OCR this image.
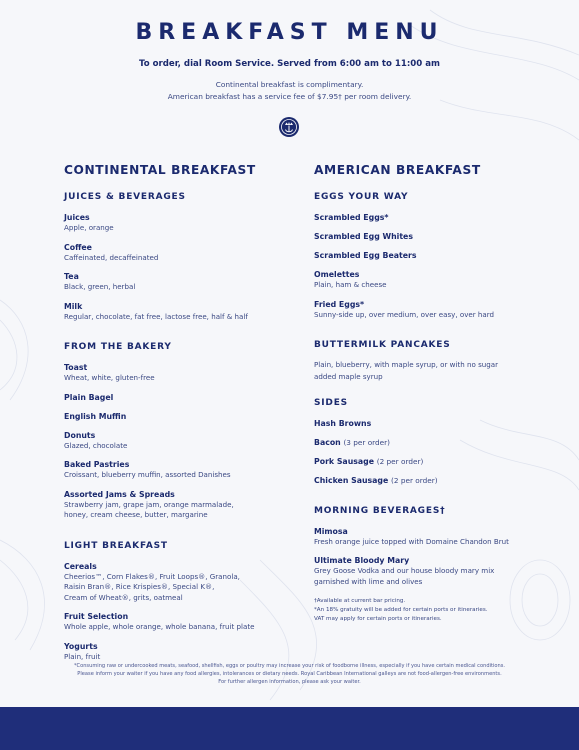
BREAKFAST MENU
To order, dial Room Service. Served from 6:00 am to 11:00 am
Continental breakfast is complimentary.
American breakfast has a service fee of $7.95† per room delivery.
CONTINENTAL BREAKFAST
JUICES & BEVERAGES
Juices
Apple, orange
Coffee
Caffeinated, decaffeinated
Tea
Black, green, herbal
Milk
Regular, chocolate, fat free, lactose free, half & half
FROM THE BAKERY
Toast
Wheat, white, gluten-free
Plain Bagel
English Muffin
Donuts
Glazed, chocolate
Baked Pastries
Croissant, blueberry muffin, assorted Danishes
Assorted Jams & Spreads
Strawberry jam, grape jam, orange marmalade,
honey, cream cheese, butter, margarine
LIGHT BREAKFAST
Cereals
Cheerios™, Corn Flakes®, Fruit Loops®, Granola,
Raisin Bran®, Rice Krispies®, Special K®,
Cream of Wheat®, grits, oatmeal
Fruit Selection
Whole apple, whole orange, whole banana, fruit plate
Yogurts
Plain, fruit
AMERICAN BREAKFAST
EGGS YOUR WAY
Scrambled Eggs*
Scrambled Egg Whites
Scrambled Egg Beaters
Omelettes
Plain, ham & cheese
Fried Eggs*
Sunny-side up, over medium, over easy, over hard
BUTTERMILK PANCAKES
Plain, blueberry, with maple syrup, or with no sugar
added maple syrup
SIDES
Hash Browns
Bacon (3 per order)
Pork Sausage (2 per order)
Chicken Sausage (2 per order)
MORNING BEVERAGES†
Mimosa
Fresh orange juice topped with Domaine Chandon Brut
Ultimate Bloody Mary
Grey Goose Vodka and our house bloody mary mix
garnished with lime and olives
†Available at current bar pricing.
*An 18% gratuity will be added for certain ports or itineraries.
VAT may apply for certain ports or itineraries.
*Consuming raw or undercooked meats, seafood, shellfish, eggs or poultry may increase your risk of foodborne illness, especially if you have certain medical conditions.
Please inform your waiter if you have any food allergies, intolerances or dietary needs. Royal Caribbean International galleys are not food-allergen-free environments.
For further allergen information, please ask your waiter.
